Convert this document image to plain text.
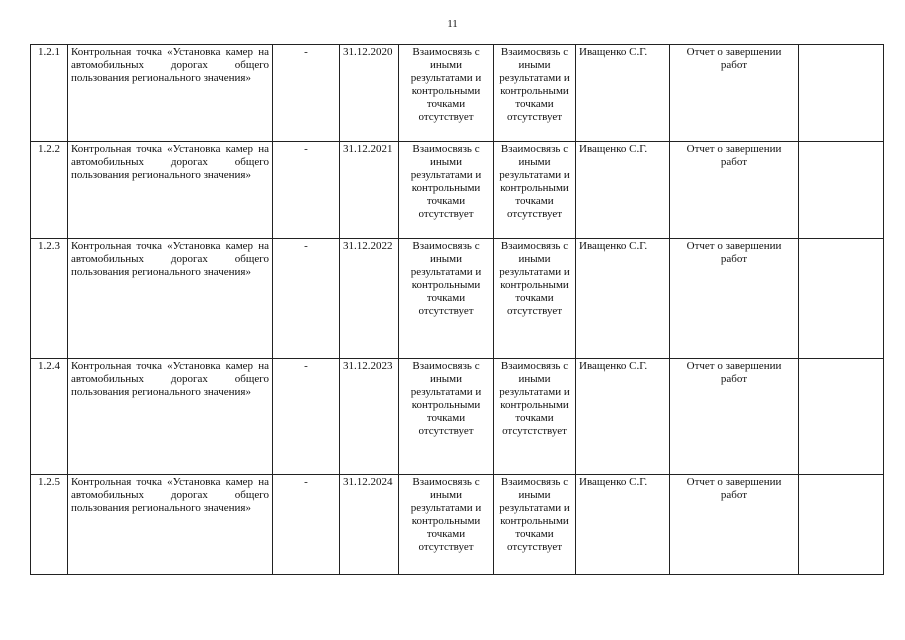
11
1.2.1	Контрольная точка «Установка камер на автомобильных дорогах общего пользования регионального значения»	-	31.12.2020	Взаимосвязь с иными результатами и контрольными точками отсутствует	Взаимосвязь с иными результатами и контрольными точками отсутствует	Иващенко С.Г.	Отчет о завершении работ		
1.2.2	Контрольная точка «Установка камер на автомобильных дорогах общего пользования регионального значения»	-	31.12.2021	Взаимосвязь с иными результатами и контрольными точками отсутствует	Взаимосвязь с иными результатами и контрольными точками отсутствует	Иващенко С.Г.	Отчет о завершении работ		
1.2.3	Контрольная точка «Установка камер на автомобильных дорогах общего пользования регионального значения»	-	31.12.2022	Взаимосвязь с иными результатами и контрольными точками отсутствует	Взаимосвязь с иными результатами и контрольными точками отсутствует	Иващенко С.Г.	Отчет о завершении работ		
1.2.4	Контрольная точка «Установка камер на автомобильных дорогах общего пользования регионального значения»	-	31.12.2023	Взаимосвязь с иными результатами и контрольными точками отсутствует	Взаимосвязь с иными результатами и контрольными точками отсутстствует	Иващенко С.Г.	Отчет о завершении работ		
1.2.5	Контрольная точка «Установка камер на автомобильных дорогах общего пользования регионального значения»	-	31.12.2024	Взаимосвязь с иными результатами и контрольными точками отсутствует	Взаимосвязь с иными результатами и контрольными точками отсутствует	Иващенко С.Г.	Отчет о завершении работ		
